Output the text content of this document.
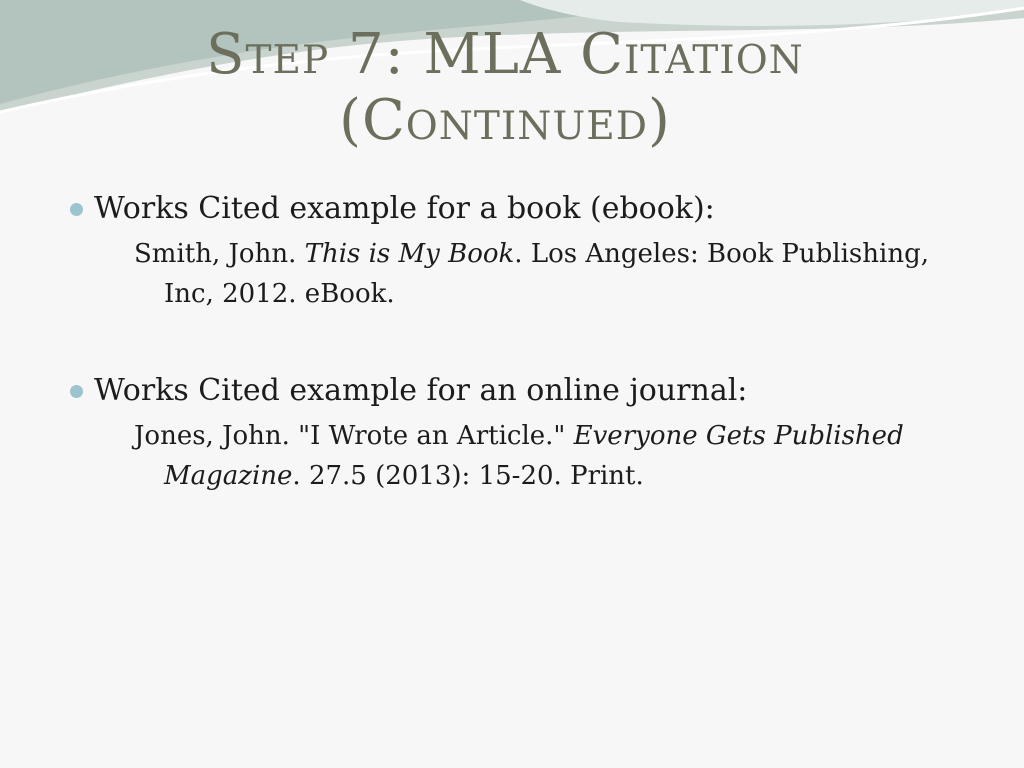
Step 7: MLA Citation
(Continued)
Works Cited example for a book (ebook):
Smith, John. This is My Book. Los Angeles: Book Publishing, Inc, 2012. eBook.
Works Cited example for an online journal:
Jones, John. "I Wrote an Article." Everyone Gets Published Magazine. 27.5 (2013): 15-20. Print.
